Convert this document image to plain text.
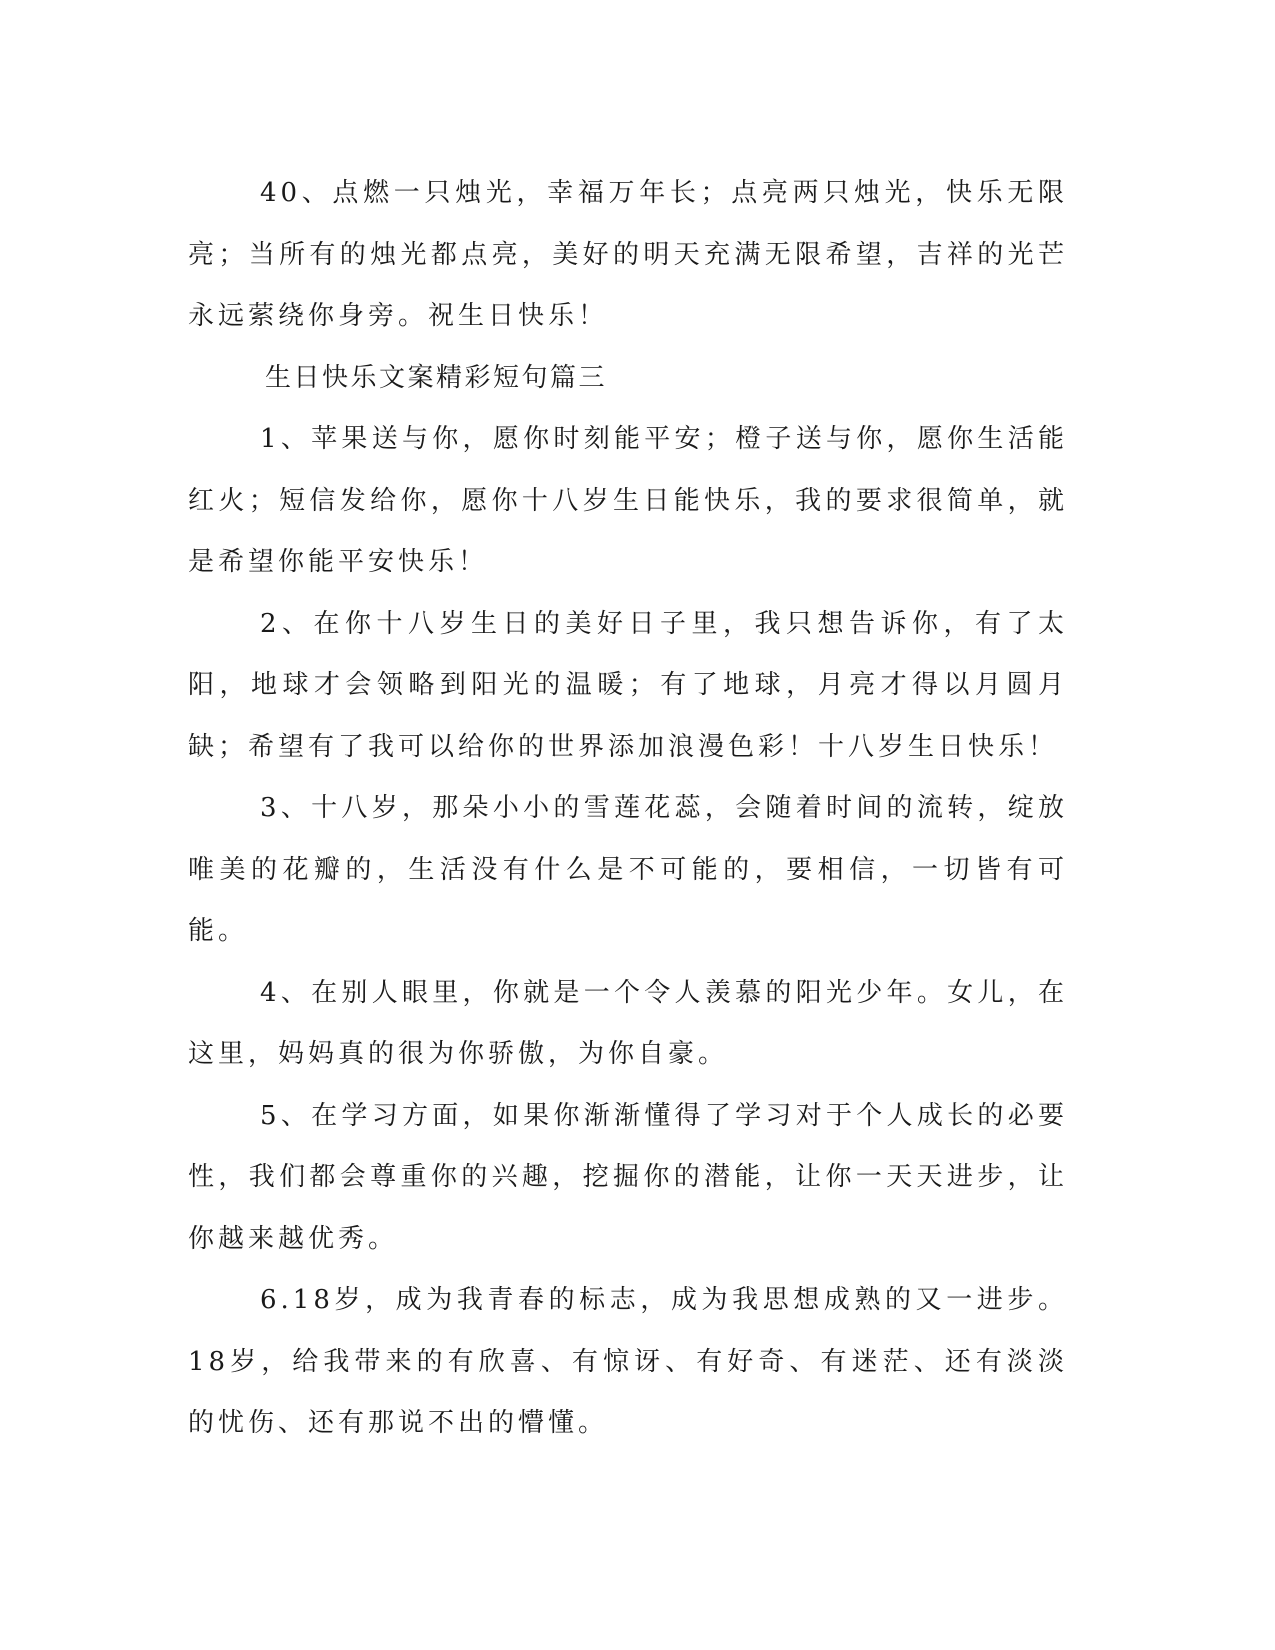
40、点燃一只烛光，幸福万年长；点亮两只烛光，快乐无限亮；当所有的烛光都点亮，美好的明天充满无限希望，吉祥的光芒永远萦绕你身旁。祝生日快乐！

生日快乐文案精彩短句篇三

1、苹果送与你，愿你时刻能平安；橙子送与你，愿你生活能红火；短信发给你，愿你十八岁生日能快乐，我的要求很简单，就是希望你能平安快乐！

2、在你十八岁生日的美好日子里，我只想告诉你，有了太阳，地球才会领略到阳光的温暖；有了地球，月亮才得以月圆月缺；希望有了我可以给你的世界添加浪漫色彩！十八岁生日快乐！

3、十八岁，那朵小小的雪莲花蕊，会随着时间的流转，绽放唯美的花瓣的，生活没有什么是不可能的，要相信，一切皆有可能。

4、在别人眼里，你就是一个令人羡慕的阳光少年。女儿，在这里，妈妈真的很为你骄傲，为你自豪。

5、在学习方面，如果你渐渐懂得了学习对于个人成长的必要性，我们都会尊重你的兴趣，挖掘你的潜能，让你一天天进步，让你越来越优秀。

6.18岁，成为我青春的标志，成为我思想成熟的又一进步。18岁，给我带来的有欣喜、有惊讶、有好奇、有迷茫、还有淡淡的忧伤、还有那说不出的懵懂。
